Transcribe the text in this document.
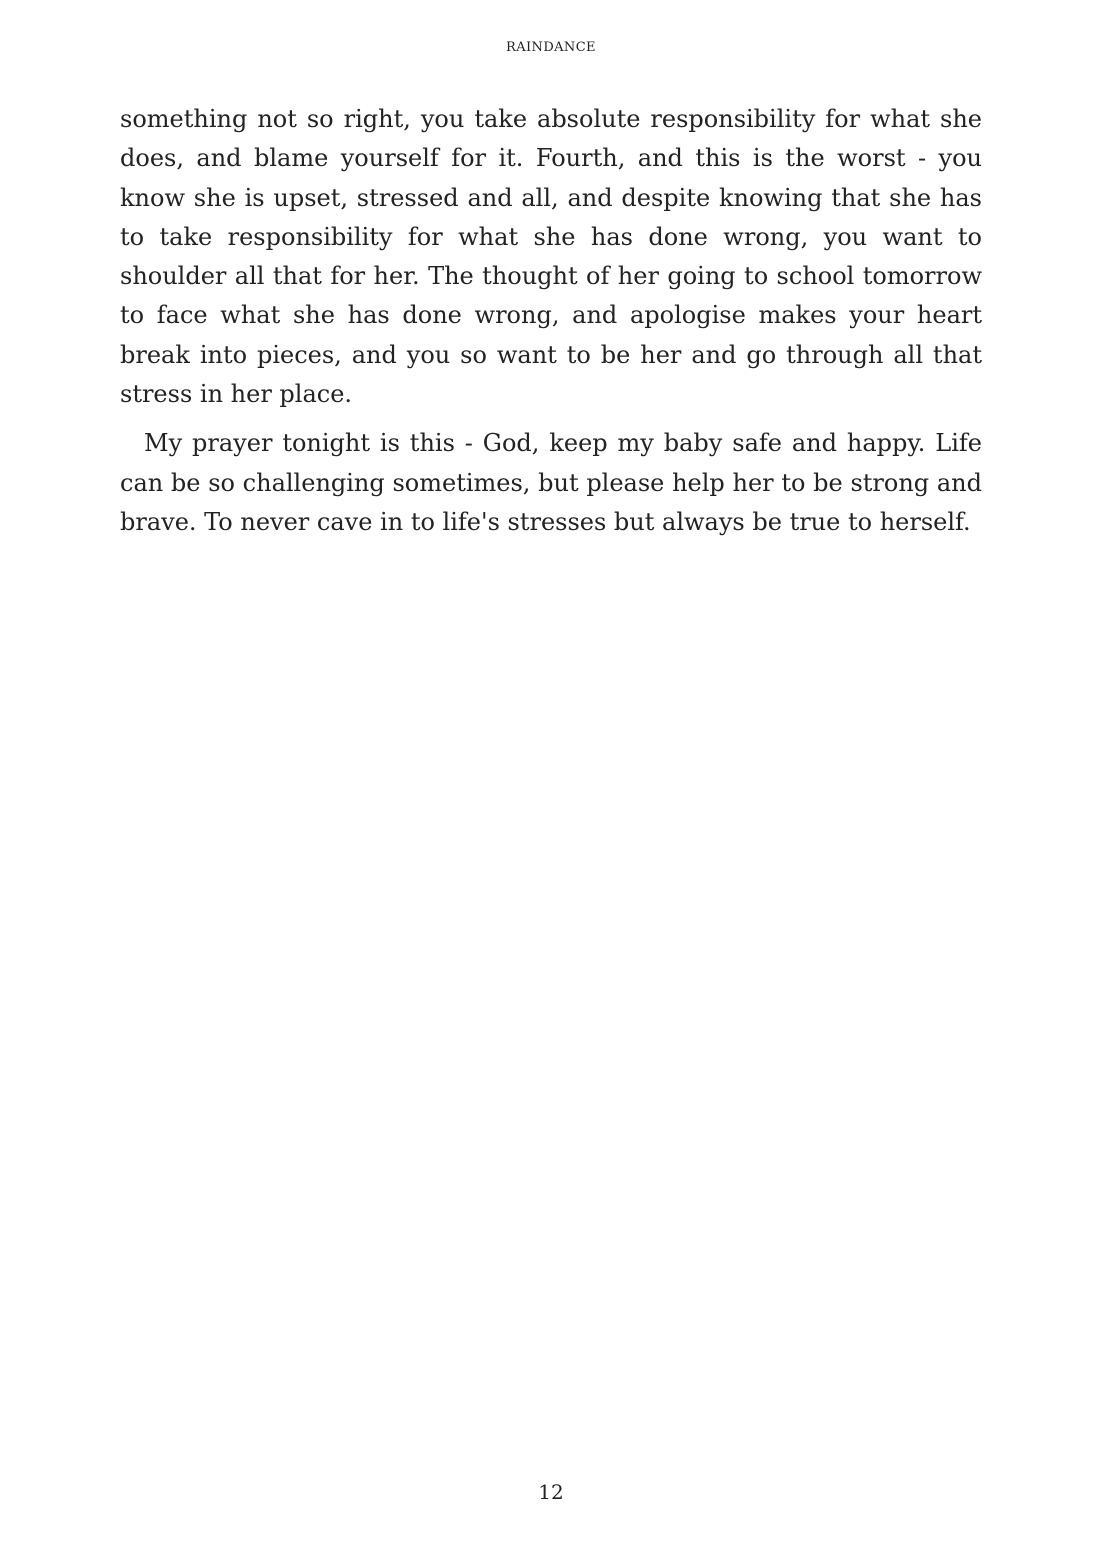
RAINDANCE

something not so right, you take absolute responsibility for what she does, and blame yourself for it. Fourth, and this is the worst - you know she is upset, stressed and all, and despite knowing that she has to take responsibility for what she has done wrong, you want to shoulder all that for her. The thought of her going to school tomorrow to face what she has done wrong, and apologise makes your heart break into pieces, and you so want to be her and go through all that stress in her place.

My prayer tonight is this - God, keep my baby safe and happy. Life can be so challenging sometimes, but please help her to be strong and brave. To never cave in to life's stresses but always be true to herself.

12
